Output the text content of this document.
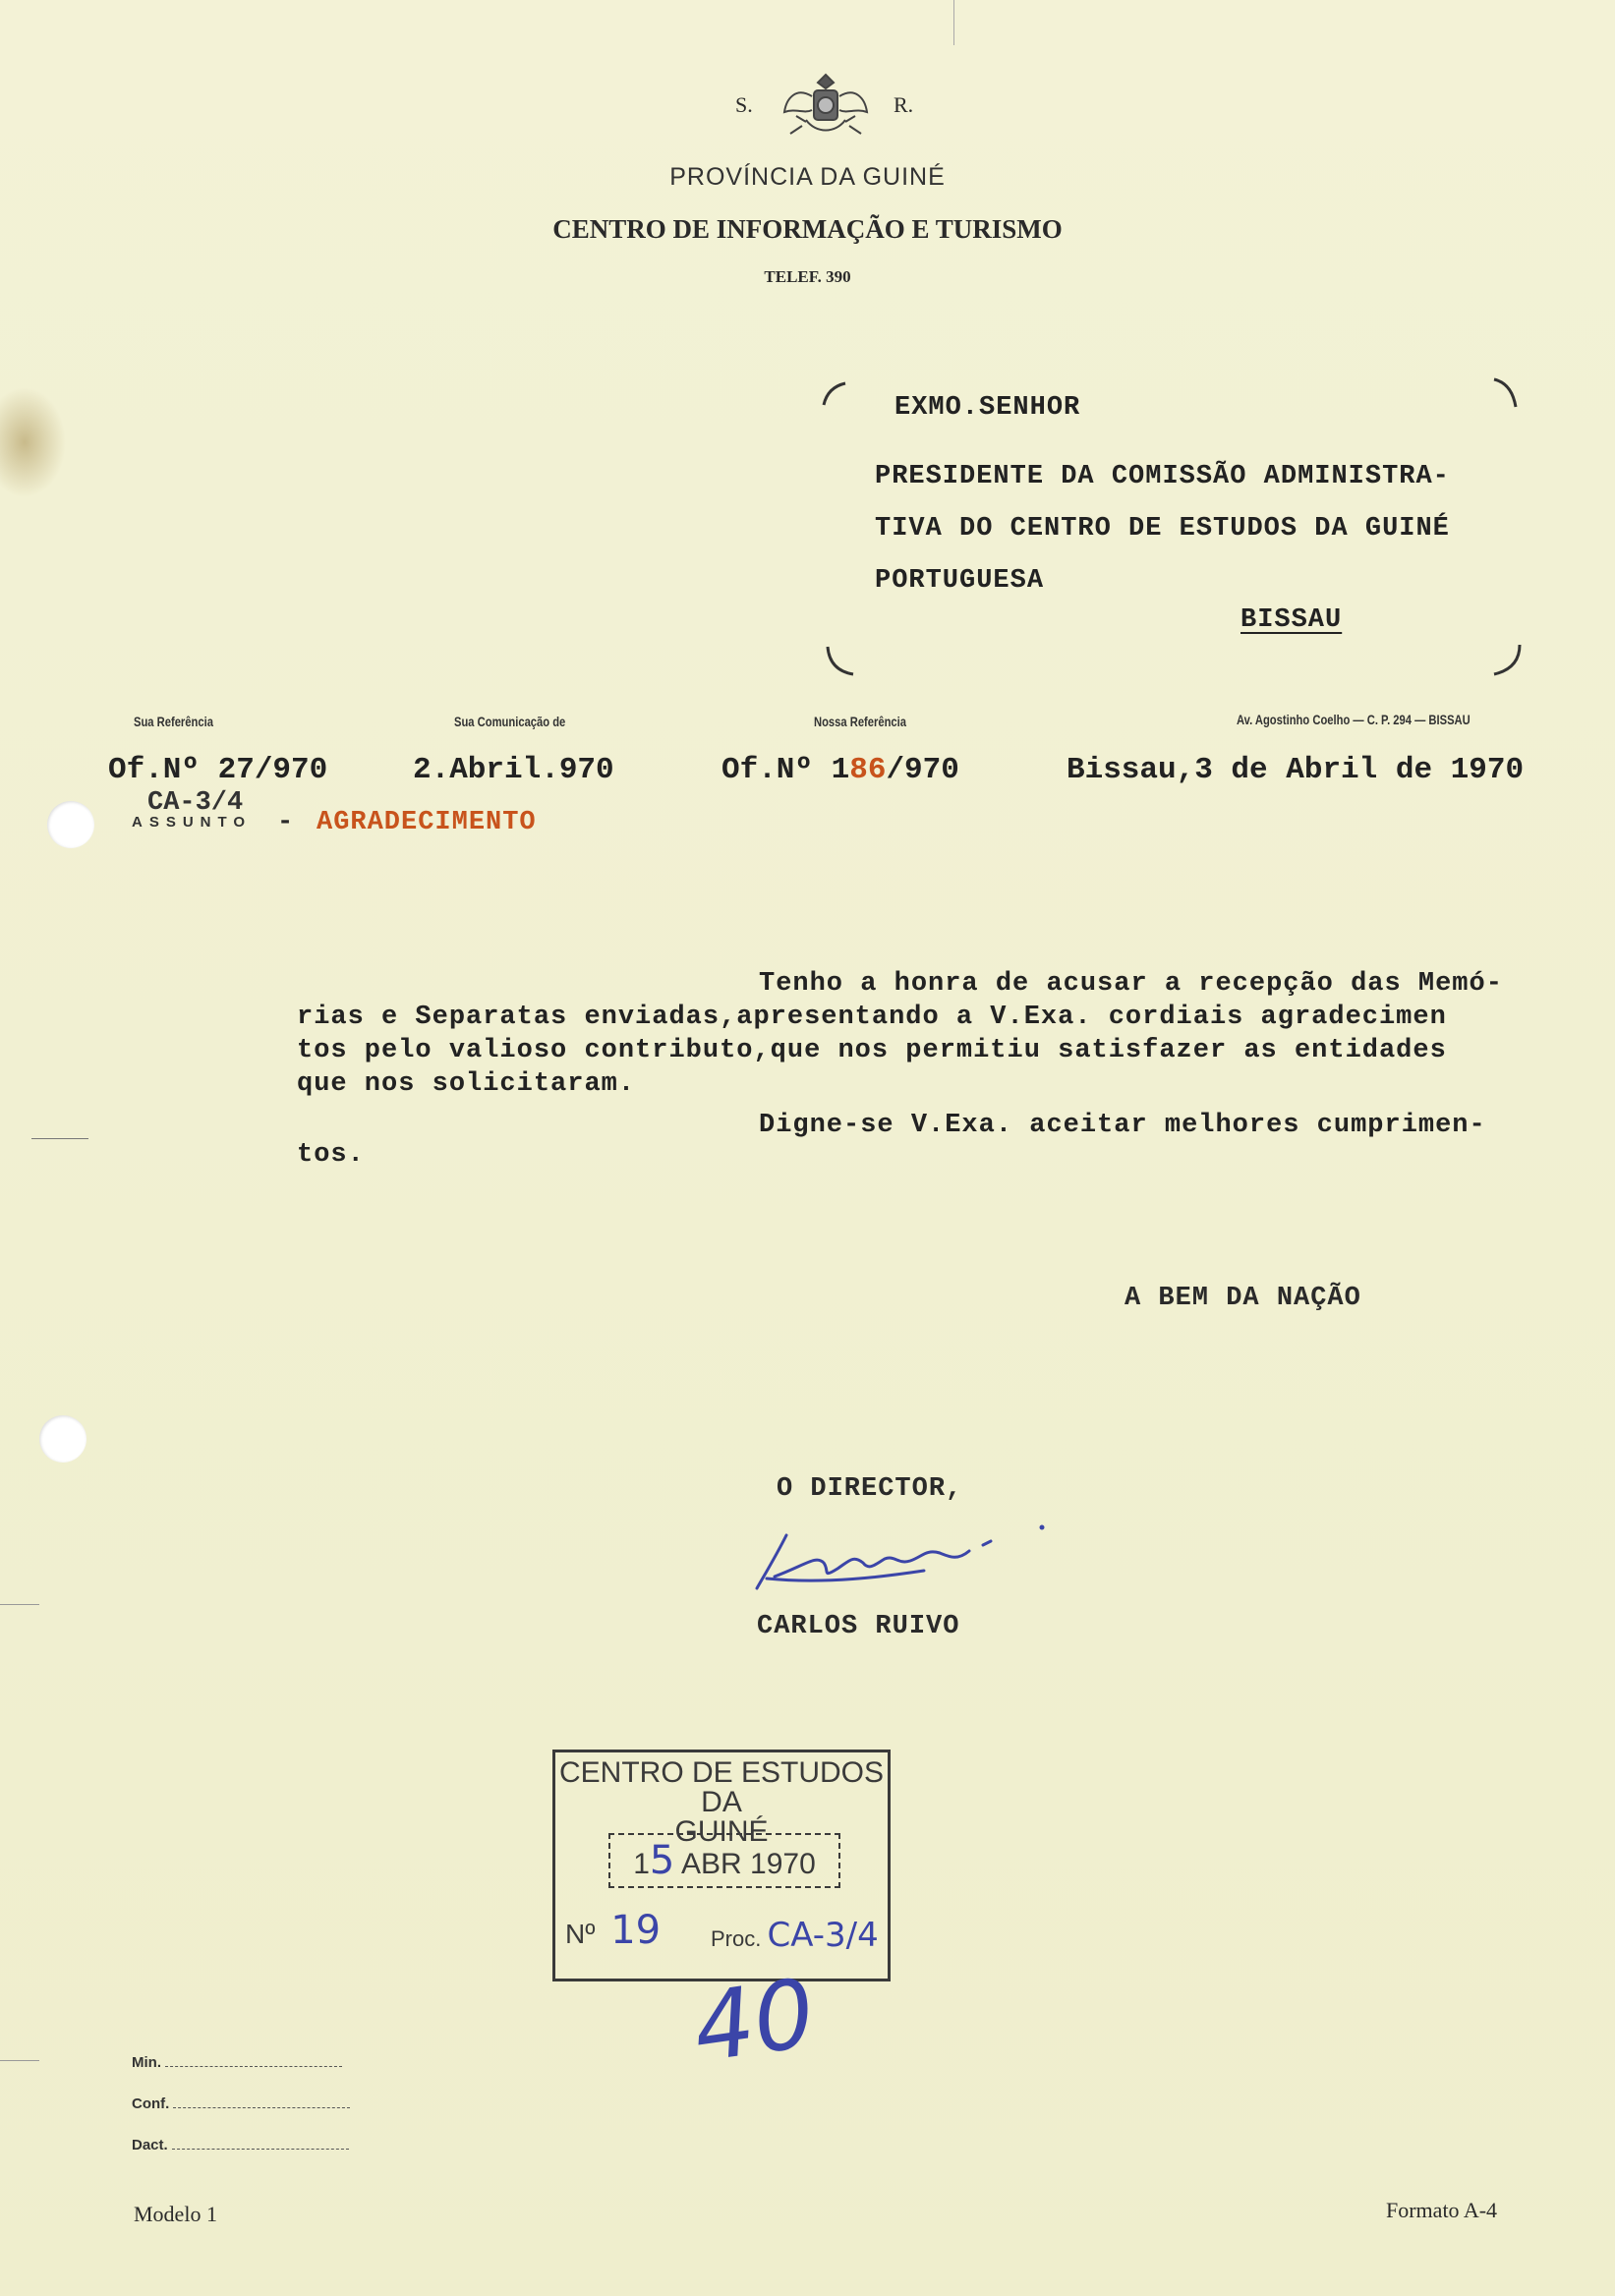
S.	R.
PROVÍNCIA DA GUINÉ
CENTRO DE INFORMAÇÃO E TURISMO
TELEF. 390
EXMO.SENHOR
PRESIDENTE DA COMISSÃO ADMINISTRA-
TIVA DO CENTRO DE ESTUDOS DA GUINÉ
PORTUGUESA
BISSAU
Sua Referência	Sua Comunicação de	Nossa Referência	Av. Agostinho Coelho — C. P. 294 — BISSAU
Of.Nº 27/970	2.Abril.970	Of.Nº 186/970	Bissau,3 de Abril de 1970
CA-3/4
ASSUNTO - AGRADECIMENTO
Tenho a honra de acusar a recepção das Memó-
rias e Separatas enviadas,apresentando a V.Exa. cordiais agradecimen
tos pelo valioso contributo,que nos permitiu satisfazer as entidades
que nos solicitaram.
Digne-se V.Exa. aceitar melhores cumprimen-
tos.
A BEM DA NAÇÃO
O DIRECTOR,
CARLOS RUIVO
CENTRO DE ESTUDOS DA
GUINÉ
15 ABR 1970
Nº 19	Proc. CA-3/4
40
Min.
Conf.
Dact.
Modelo 1	Formato A-4
